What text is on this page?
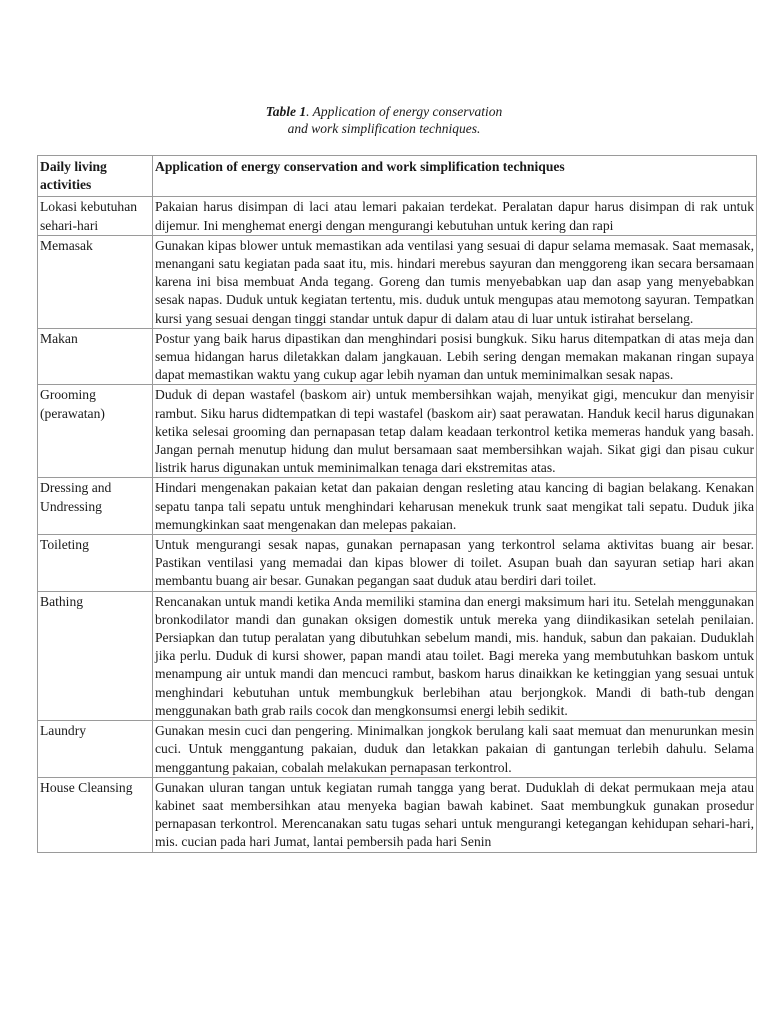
Table 1. Application of energy conservation
and work simplification techniques.
Daily living activities	Application of energy conservation and work simplification techniques
Lokasi kebutuhan sehari-hari	Pakaian harus disimpan di laci atau lemari pakaian terdekat. Peralatan dapur harus disimpan di rak untuk dijemur. Ini menghemat energi dengan mengurangi kebutuhan untuk kering dan rapi
Memasak	Gunakan kipas blower untuk memastikan ada ventilasi yang sesuai di dapur selama memasak. Saat memasak, menangani satu kegiatan pada saat itu, mis. hindari merebus sayuran dan menggoreng ikan secara bersamaan karena ini bisa membuat Anda tegang. Goreng dan tumis menyebabkan uap dan asap yang menyebabkan sesak napas. Duduk untuk kegiatan tertentu, mis. duduk untuk mengupas atau memotong sayuran. Tempatkan kursi yang sesuai dengan tinggi standar untuk dapur di dalam atau di luar untuk istirahat berselang.
Makan	Postur yang baik harus dipastikan dan menghindari posisi bungkuk. Siku harus ditempatkan di atas meja dan semua hidangan harus diletakkan dalam jangkauan. Lebih sering dengan memakan makanan ringan supaya dapat memastikan waktu yang cukup agar lebih nyaman dan untuk meminimalkan sesak napas.
Grooming (perawatan)	Duduk di depan wastafel (baskom air) untuk membersihkan wajah, menyikat gigi, mencukur dan menyisir rambut. Siku harus didtempatkan di tepi wastafel (baskom air) saat perawatan. Handuk kecil harus digunakan ketika selesai grooming dan pernapasan tetap dalam keadaan terkontrol ketika memeras handuk yang basah. Jangan pernah menutup hidung dan mulut bersamaan saat membersihkan wajah. Sikat gigi dan pisau cukur listrik harus digunakan untuk meminimalkan tenaga dari ekstremitas atas.
Dressing and Undressing	Hindari mengenakan pakaian ketat dan pakaian dengan resleting atau kancing di bagian belakang. Kenakan sepatu tanpa tali sepatu untuk menghindari keharusan menekuk trunk saat mengikat tali sepatu. Duduk jika memungkinkan saat mengenakan dan melepas pakaian.
Toileting	Untuk mengurangi sesak napas, gunakan pernapasan yang terkontrol selama aktivitas buang air besar. Pastikan ventilasi yang memadai dan kipas blower di toilet. Asupan buah dan sayuran setiap hari akan membantu buang air besar. Gunakan pegangan saat duduk atau berdiri dari toilet.
Bathing	Rencanakan untuk mandi ketika Anda memiliki stamina dan energi maksimum hari itu. Setelah menggunakan bronkodilator mandi dan gunakan oksigen domestik untuk mereka yang diindikasikan setelah penilaian. Persiapkan dan tutup peralatan yang dibutuhkan sebelum mandi, mis. handuk, sabun dan pakaian. Duduklah jika perlu. Duduk di kursi shower, papan mandi atau toilet. Bagi mereka yang membutuhkan baskom untuk menampung air untuk mandi dan mencuci rambut, baskom harus dinaikkan ke ketinggian yang sesuai untuk menghindari kebutuhan untuk membungkuk berlebihan atau berjongkok. Mandi di bath-tub dengan menggunakan bath grab rails cocok dan mengkonsumsi energi lebih sedikit.
Laundry	Gunakan mesin cuci dan pengering. Minimalkan jongkok berulang kali saat memuat dan menurunkan mesin cuci. Untuk menggantung pakaian, duduk dan letakkan pakaian di gantungan terlebih dahulu. Selama menggantung pakaian, cobalah melakukan pernapasan terkontrol.
House Cleansing	Gunakan uluran tangan untuk kegiatan rumah tangga yang berat. Duduklah di dekat permukaan meja atau kabinet saat membersihkan atau menyeka bagian bawah kabinet. Saat membungkuk gunakan prosedur pernapasan terkontrol. Merencanakan satu tugas sehari untuk mengurangi ketegangan kehidupan sehari-hari, mis. cucian pada hari Jumat, lantai pembersih pada hari Senin
